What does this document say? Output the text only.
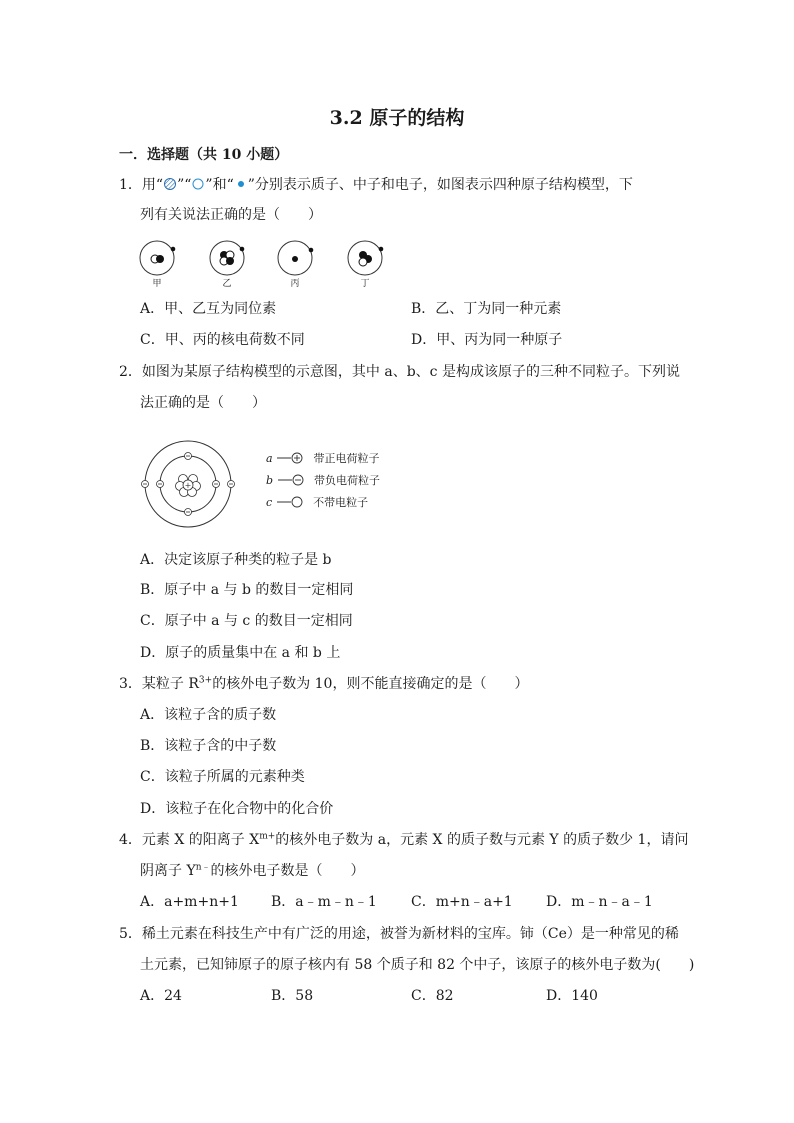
3.2 原子的结构
一．选择题（共 10 小题）
1．用“ ”“ ”和“ ”分别表示质子、中子和电子，如图表示四种原子结构模型，下
列有关说法正确的是（　　）
甲	乙	丙	丁
A．甲、乙互为同位素	B．乙、丁为同一种元素
C．甲、丙的核电荷数不同	D．甲、丙为同一种原子
2．如图为某原子结构模型的示意图，其中 a、b、c 是构成该原子的三种不同粒子。下列说
法正确的是（　　）
+
a	带正电荷粒子
b	带负电荷粒子
c	不带电粒子
A．决定该原子种类的粒子是 b
B．原子中 a 与 b 的数目一定相同
C．原子中 a 与 c 的数目一定相同
D．原子的质量集中在 a 和 b 上
3．某粒子 $R^{3+}$的核外电子数为 10，则不能直接确定的是（　　）
A．该粒子含的质子数
B．该粒子含的中子数
C．该粒子所属的元素种类
D．该粒子在化合物中的化合价
4．元素 X 的阳离子 $X^{m+}$的核外电子数为 a，元素 X 的质子数与元素 Y 的质子数少 1，请问
阴离子 $Y^{n﹣}$的核外电子数是（　　）
A．a+m+n+1 B．a﹣m﹣n﹣1 C．m+n﹣a+1 D．m﹣n﹣a﹣1
5．稀土元素在科技生产中有广泛的用途，被誉为新材料的宝库。铈（Ce）是一种常见的稀
土元素，已知铈原子的原子核内有 58 个质子和 82 个中子，该原子的核外电子数为(　　)
A．24	B．58	C．82	D．140
